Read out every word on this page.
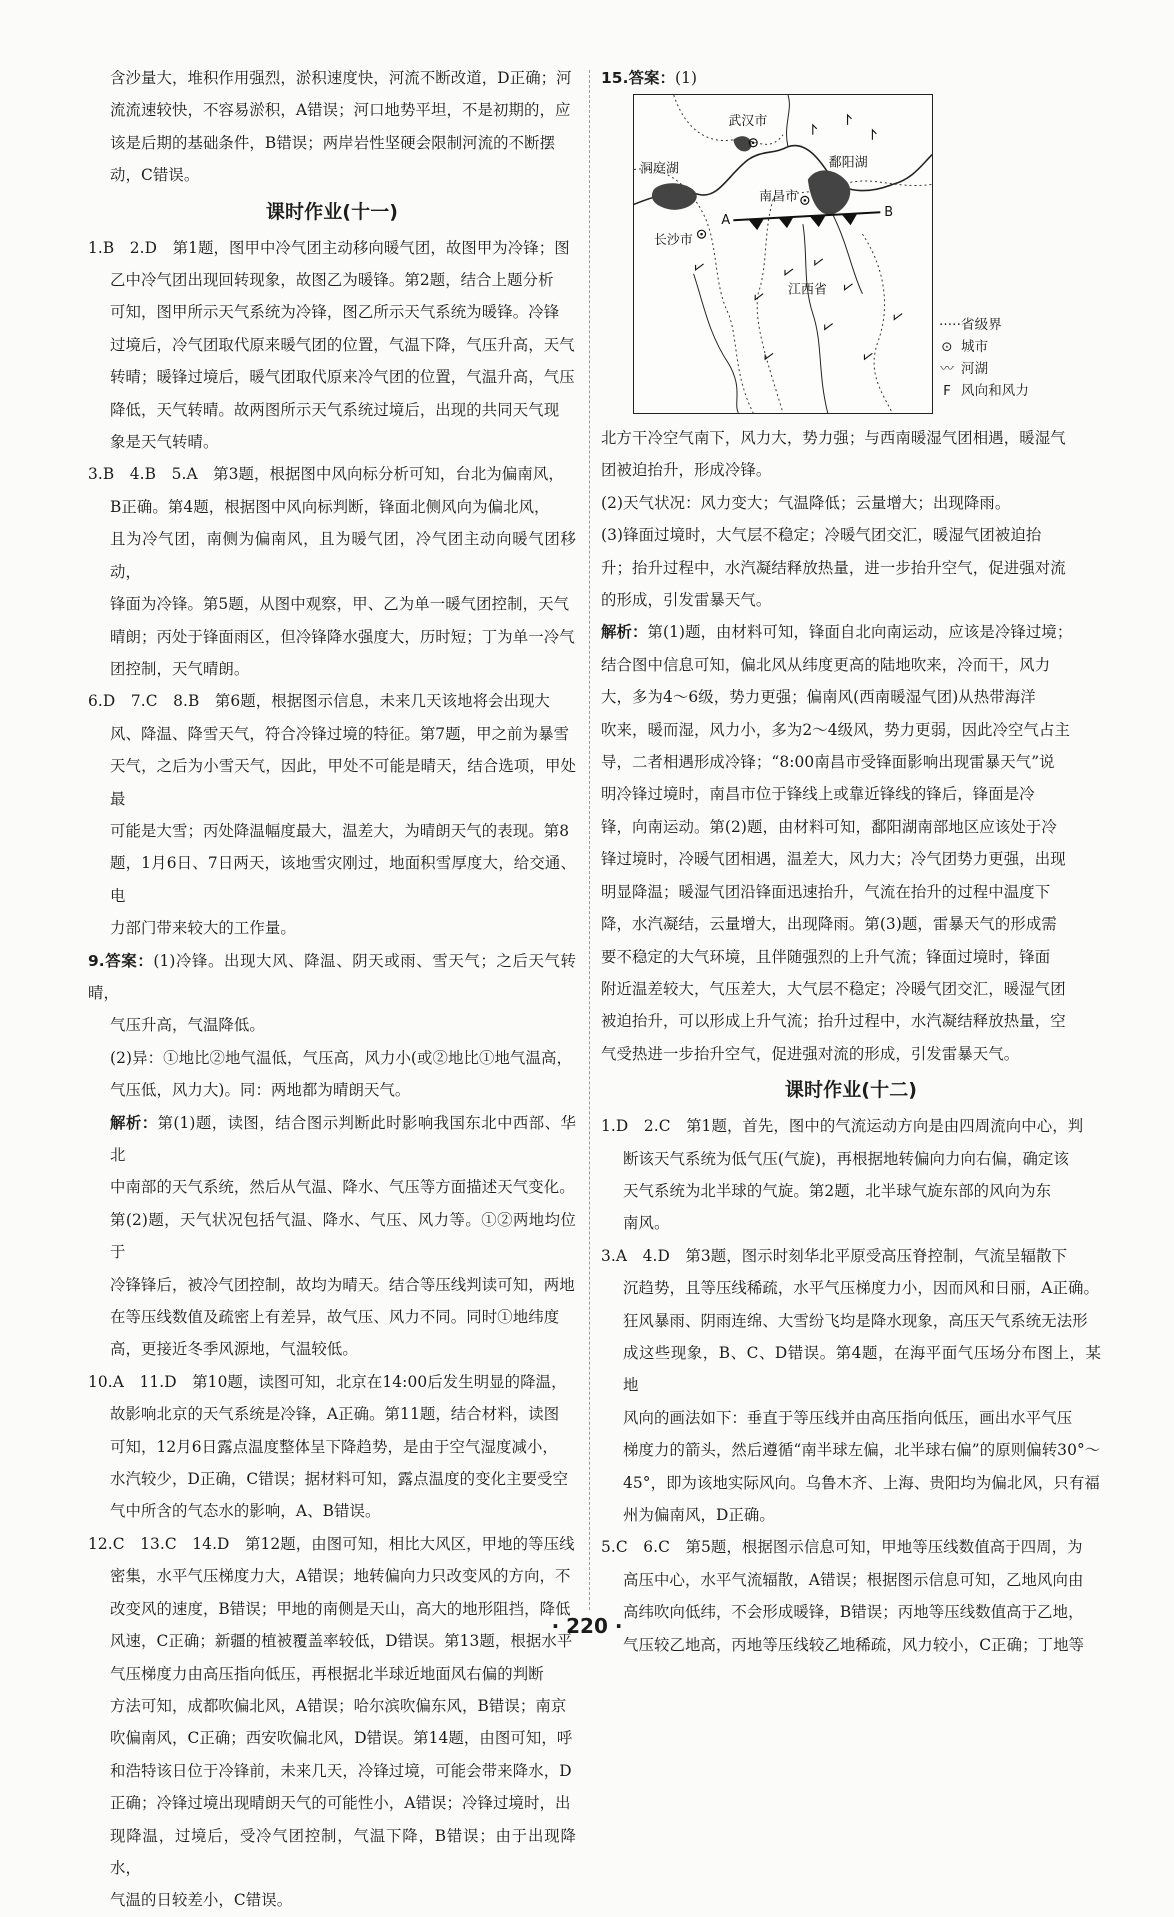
含沙量大，堆积作用强烈，淤积速度快，河流不断改道，D正确；河
流流速较快，不容易淤积，A错误；河口地势平坦，不是初期的，应
该是后期的基础条件，B错误；两岸岩性坚硬会限制河流的不断摆
动，C错误。
课时作业(十一)
1.B　2.D　第1题，图甲中冷气团主动移向暖气团，故图甲为冷锋；图
乙中冷气团出现回转现象，故图乙为暖锋。第2题，结合上题分析
可知，图甲所示天气系统为冷锋，图乙所示天气系统为暖锋。冷锋
过境后，冷气团取代原来暖气团的位置，气温下降，气压升高，天气
转晴；暖锋过境后，暖气团取代原来冷气团的位置，气温升高，气压
降低，天气转晴。故两图所示天气系统过境后，出现的共同天气现
象是天气转晴。
3.B　4.B　5.A　第3题，根据图中风向标分析可知，台北为偏南风，
B正确。第4题，根据图中风向标判断，锋面北侧风向为偏北风，
且为冷气团，南侧为偏南风，且为暖气团，冷气团主动向暖气团移动，
锋面为冷锋。第5题，从图中观察，甲、乙为单一暖气团控制，天气
晴朗；丙处于锋面雨区，但冷锋降水强度大，历时短；丁为单一冷气
团控制，天气晴朗。
6.D　7.C　8.B　第6题，根据图示信息，未来几天该地将会出现大
风、降温、降雪天气，符合冷锋过境的特征。第7题，甲之前为暴雪
天气，之后为小雪天气，因此，甲处不可能是晴天，结合选项，甲处最
可能是大雪；丙处降温幅度最大，温差大，为晴朗天气的表现。第8
题，1月6日、7日两天，该地雪灾刚过，地面积雪厚度大，给交通、电
力部门带来较大的工作量。
9.答案：(1)冷锋。出现大风、降温、阴天或雨、雪天气；之后天气转晴，
气压升高，气温降低。
(2)异：①地比②地气温低，气压高，风力小(或②地比①地气温高，
气压低，风力大)。同：两地都为晴朗天气。
解析：第(1)题，读图，结合图示判断此时影响我国东北中西部、华北
中南部的天气系统，然后从气温、降水、气压等方面描述天气变化。
第(2)题，天气状况包括气温、降水、气压、风力等。①②两地均位于
冷锋锋后，被冷气团控制，故均为晴天。结合等压线判读可知，两地
在等压线数值及疏密上有差异，故气压、风力不同。同时①地纬度
高，更接近冬季风源地，气温较低。
10.A　11.D　第10题，读图可知，北京在14:00后发生明显的降温，
故影响北京的天气系统是冷锋，A正确。第11题，结合材料，读图
可知，12月6日露点温度整体呈下降趋势，是由于空气湿度减小，
水汽较少，D正确，C错误；据材料可知，露点温度的变化主要受空
气中所含的气态水的影响，A、B错误。
12.C　13.C　14.D　第12题，由图可知，相比大风区，甲地的等压线
密集，水平气压梯度力大，A错误；地转偏向力只改变风的方向，不
改变风的速度，B错误；甲地的南侧是天山，高大的地形阻挡，降低
风速，C正确；新疆的植被覆盖率较低，D错误。第13题，根据水平
气压梯度力由高压指向低压，再根据北半球近地面风右偏的判断
方法可知，成都吹偏北风，A错误；哈尔滨吹偏东风，B错误；南京
吹偏南风，C正确；西安吹偏北风，D错误。第14题，由图可知，呼
和浩特该日位于冷锋前，未来几天，冷锋过境，可能会带来降水，D
正确；冷锋过境出现晴朗天气的可能性小，A错误；冷锋过境时，出
现降温，过境后，受冷气团控制，气温下降，B错误；由于出现降水，
气温的日较差小，C错误。
15.答案：(1)
武汉市
南昌市
长沙市
洞庭湖	鄱阳湖
江西省
A
B
····· 省级界
⊙ 城市
〰 河湖
F 风向和风力
北方干冷空气南下，风力大，势力强；与西南暖湿气团相遇，暖湿气
团被迫抬升，形成冷锋。
(2)天气状况：风力变大；气温降低；云量增大；出现降雨。
(3)锋面过境时，大气层不稳定；冷暖气团交汇，暖湿气团被迫抬
升；抬升过程中，水汽凝结释放热量，进一步抬升空气，促进强对流
的形成，引发雷暴天气。
解析：第(1)题，由材料可知，锋面自北向南运动，应该是冷锋过境；
结合图中信息可知，偏北风从纬度更高的陆地吹来，冷而干，风力
大，多为4～6级，势力更强；偏南风(西南暖湿气团)从热带海洋
吹来，暖而湿，风力小，多为2～4级风，势力更弱，因此冷空气占主
导，二者相遇形成冷锋；“8:00南昌市受锋面影响出现雷暴天气”说
明冷锋过境时，南昌市位于锋线上或靠近锋线的锋后，锋面是冷
锋，向南运动。第(2)题，由材料可知，鄱阳湖南部地区应该处于冷
锋过境时，冷暖气团相遇，温差大，风力大；冷气团势力更强，出现
明显降温；暖湿气团沿锋面迅速抬升，气流在抬升的过程中温度下
降，水汽凝结，云量增大，出现降雨。第(3)题，雷暴天气的形成需
要不稳定的大气环境，且伴随强烈的上升气流；锋面过境时，锋面
附近温差较大，气压差大，大气层不稳定；冷暖气团交汇，暖湿气团
被迫抬升，可以形成上升气流；抬升过程中，水汽凝结释放热量，空
气受热进一步抬升空气，促进强对流的形成，引发雷暴天气。
课时作业(十二)
1.D　2.C　第1题，首先，图中的气流运动方向是由四周流向中心，判
断该天气系统为低气压(气旋)，再根据地转偏向力向右偏，确定该
天气系统为北半球的气旋。第2题，北半球气旋东部的风向为东
南风。
3.A　4.D　第3题，图示时刻华北平原受高压脊控制，气流呈辐散下
沉趋势，且等压线稀疏，水平气压梯度力小，因而风和日丽，A正确。
狂风暴雨、阴雨连绵、大雪纷飞均是降水现象，高压天气系统无法形
成这些现象，B、C、D错误。第4题，在海平面气压场分布图上，某地
风向的画法如下：垂直于等压线并由高压指向低压，画出水平气压
梯度力的箭头，然后遵循“南半球左偏，北半球右偏”的原则偏转30°～
45°，即为该地实际风向。乌鲁木齐、上海、贵阳均为偏北风，只有福
州为偏南风，D正确。
5.C　6.C　第5题，根据图示信息可知，甲地等压线数值高于四周，为
高压中心，水平气流辐散，A错误；根据图示信息可知，乙地风向由
高纬吹向低纬，不会形成暖锋，B错误；丙地等压线数值高于乙地，
气压较乙地高，丙地等压线较乙地稀疏，风力较小，C正确；丁地等
· 220 ·
